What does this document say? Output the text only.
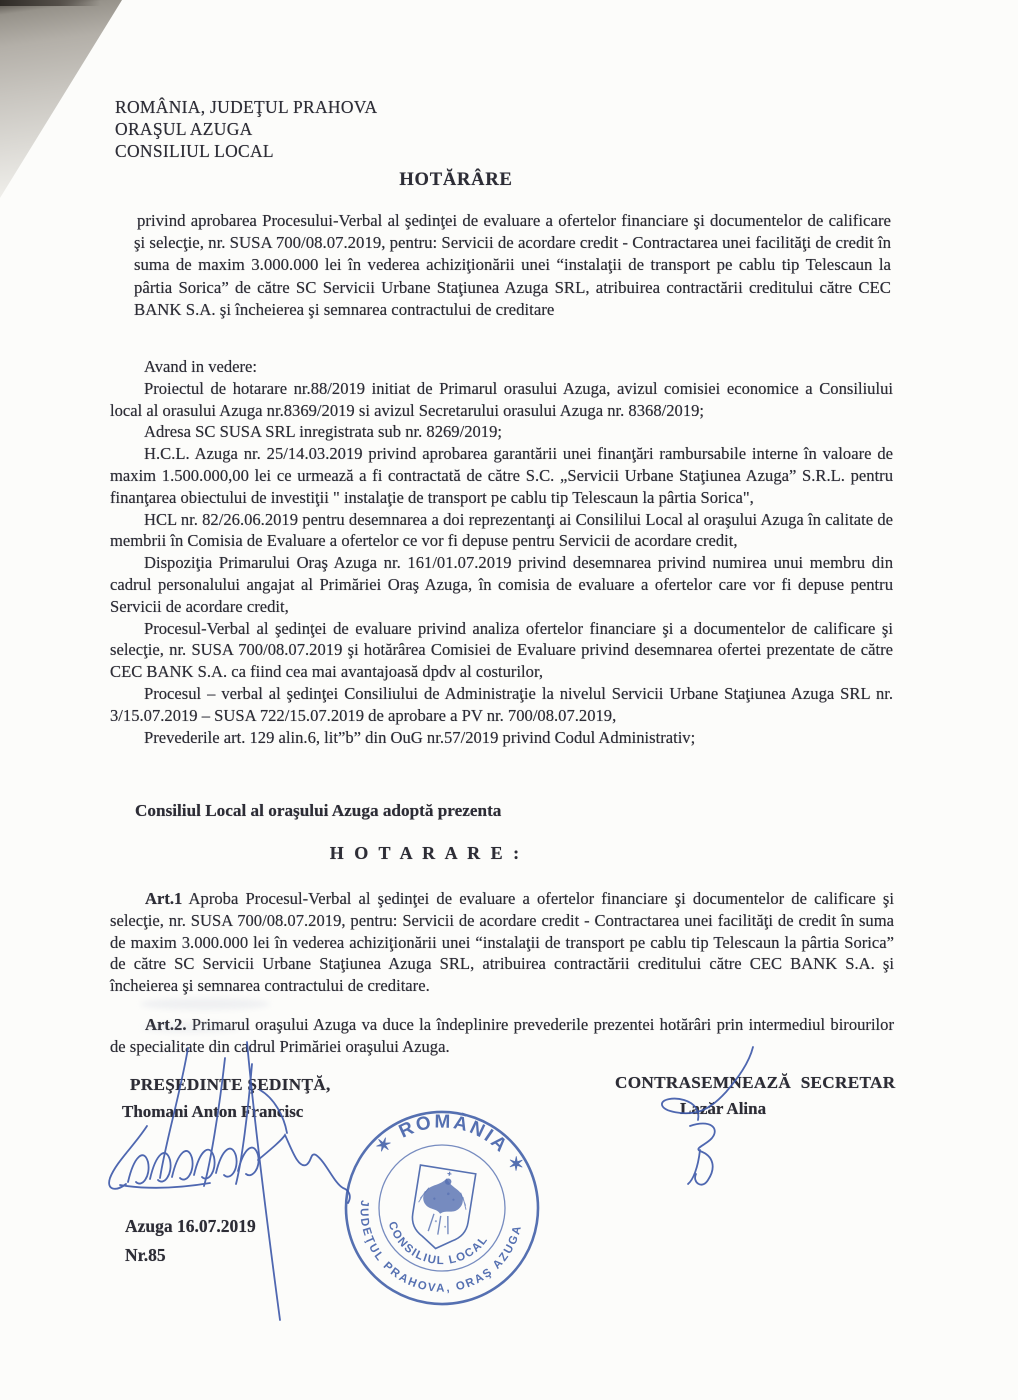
ROMÂNIA, JUDEŢUL PRAHOVA
ORAŞUL AZUGA
CONSILIUL LOCAL
HOTĂRÂRE

privind aprobarea Procesului-Verbal al şedinţei de evaluare a ofertelor financiare şi documentelor de calificare şi selecţie, nr. SUSA 700/08.07.2019, pentru: Servicii de acordare credit - Contractarea unei facilităţi de credit în suma de maxim 3.000.000 lei în vederea achiziţionării unei “instalaţii de transport pe cablu tip Telescaun la pârtia Sorica” de către SC Servicii Urbane Staţiunea Azuga SRL, atribuirea contractării creditului către CEC BANK S.A. şi încheierea şi semnarea contractului de creditare

Avand in vedere:

Proiectul de hotarare nr.88/2019 initiat de Primarul orasului Azuga, avizul comisiei economice a Consiliului local al orasului Azuga nr.8369/2019 si avizul Secretarului orasului Azuga nr. 8368/2019;

Adresa SC SUSA SRL inregistrata sub nr. 8269/2019;

H.C.L. Azuga nr. 25/14.03.2019 privind aprobarea garantării unei finanţări rambursabile interne în valoare de maxim 1.500.000,00 lei ce urmează a fi contractată de către S.C. „Servicii Urbane Staţiunea Azuga” S.R.L. pentru finanţarea obiectului de investiţii " instalaţie de transport pe cablu tip Telescaun la pârtia Sorica",

HCL nr. 82/26.06.2019 pentru desemnarea a doi reprezentanţi ai Consililui Local al oraşului Azuga în calitate de membrii în Comisia de Evaluare a ofertelor ce vor fi depuse pentru Servicii de acordare credit,

Dispoziţia Primarului Oraş Azuga nr. 161/01.07.2019 privind desemnarea privind numirea unui membru din cadrul personalului angajat al Primăriei Oraş Azuga, în comisia de evaluare a ofertelor care vor fi depuse pentru Servicii de acordare credit,

Procesul-Verbal al şedinţei de evaluare privind analiza ofertelor financiare şi a documentelor de calificare şi selecţie, nr. SUSA 700/08.07.2019 şi hotărârea Comisiei de Evaluare privind desemnarea ofertei prezentate de către CEC BANK S.A. ca fiind cea mai avantajoasă dpdv al costurilor,

Procesul – verbal al şedinţei Consiliului de Administraţie la nivelul Servicii Urbane Staţiunea Azuga SRL nr. 3/15.07.2019 – SUSA 722/15.07.2019 de aprobare a PV nr. 700/08.07.2019,

Prevederile art. 129 alin.6, lit”b” din OuG nr.57/2019 privind Codul Administrativ;

Consiliul Local al oraşului Azuga adoptă prezenta
H O T A R A R E :

Art.1 Aproba Procesul-Verbal al şedinţei de evaluare a ofertelor financiare şi documentelor de calificare şi selecţie, nr. SUSA 700/08.07.2019, pentru: Servicii de acordare credit - Contractarea unei facilităţi de credit în suma de maxim 3.000.000 lei în vederea achiziţionării unei “instalaţii de transport pe cablu tip Telescaun la pârtia Sorica” de către SC Servicii Urbane Staţiunea Azuga SRL, atribuirea contractării creditului către CEC BANK S.A. şi încheierea şi semnarea contractului de creditare.

Art.2. Primarul oraşului Azuga va duce la îndeplinire prevederile prezentei hotărâri prin intermediul birourilor de specialitate din cadrul Primăriei oraşului Azuga.

PREŞEDINTE ŞEDINŢĂ,
Thomani Anton Francisc
CONTRASEMNEAZĂ SECRETAR
Lazăr Alina
Azuga 16.07.2019
Nr.85
✶ ROMÂNIA ✶
JUDEŢUL PRAHOVA, ORAŞ AZUGA
CONSILIUL LOCAL
